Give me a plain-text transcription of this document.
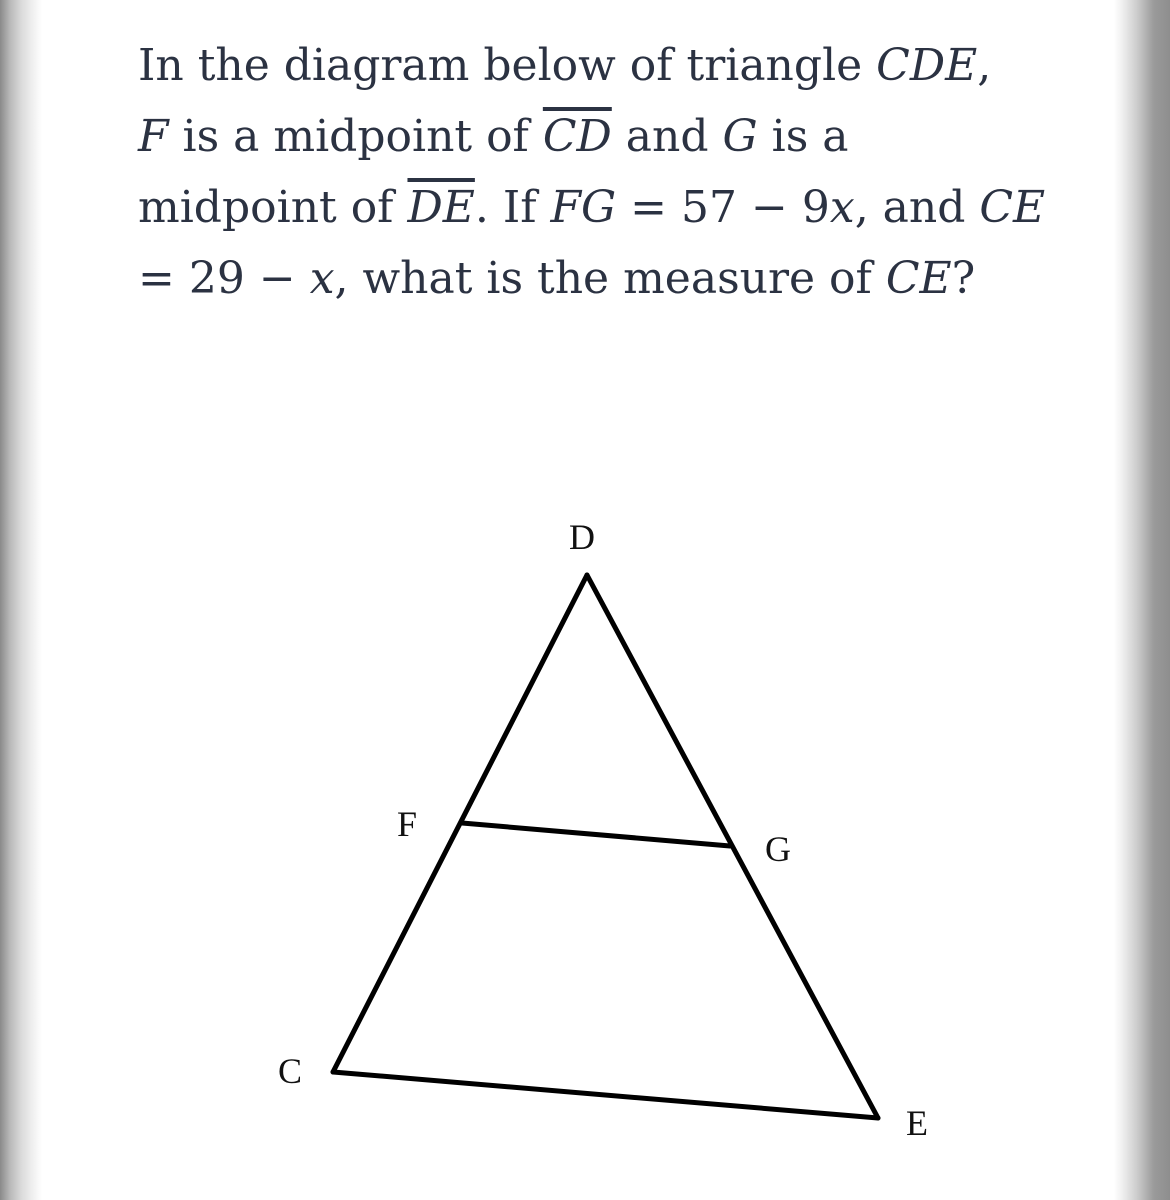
In the diagram below of triangle CDE,
F is a midpoint of $\overline{CD}$ and G is a midpoint of $\overline{DE}$. If FG = 57 − 9x, and CE = 29 − x, what is the measure of CE?

D
F
G
C
E
